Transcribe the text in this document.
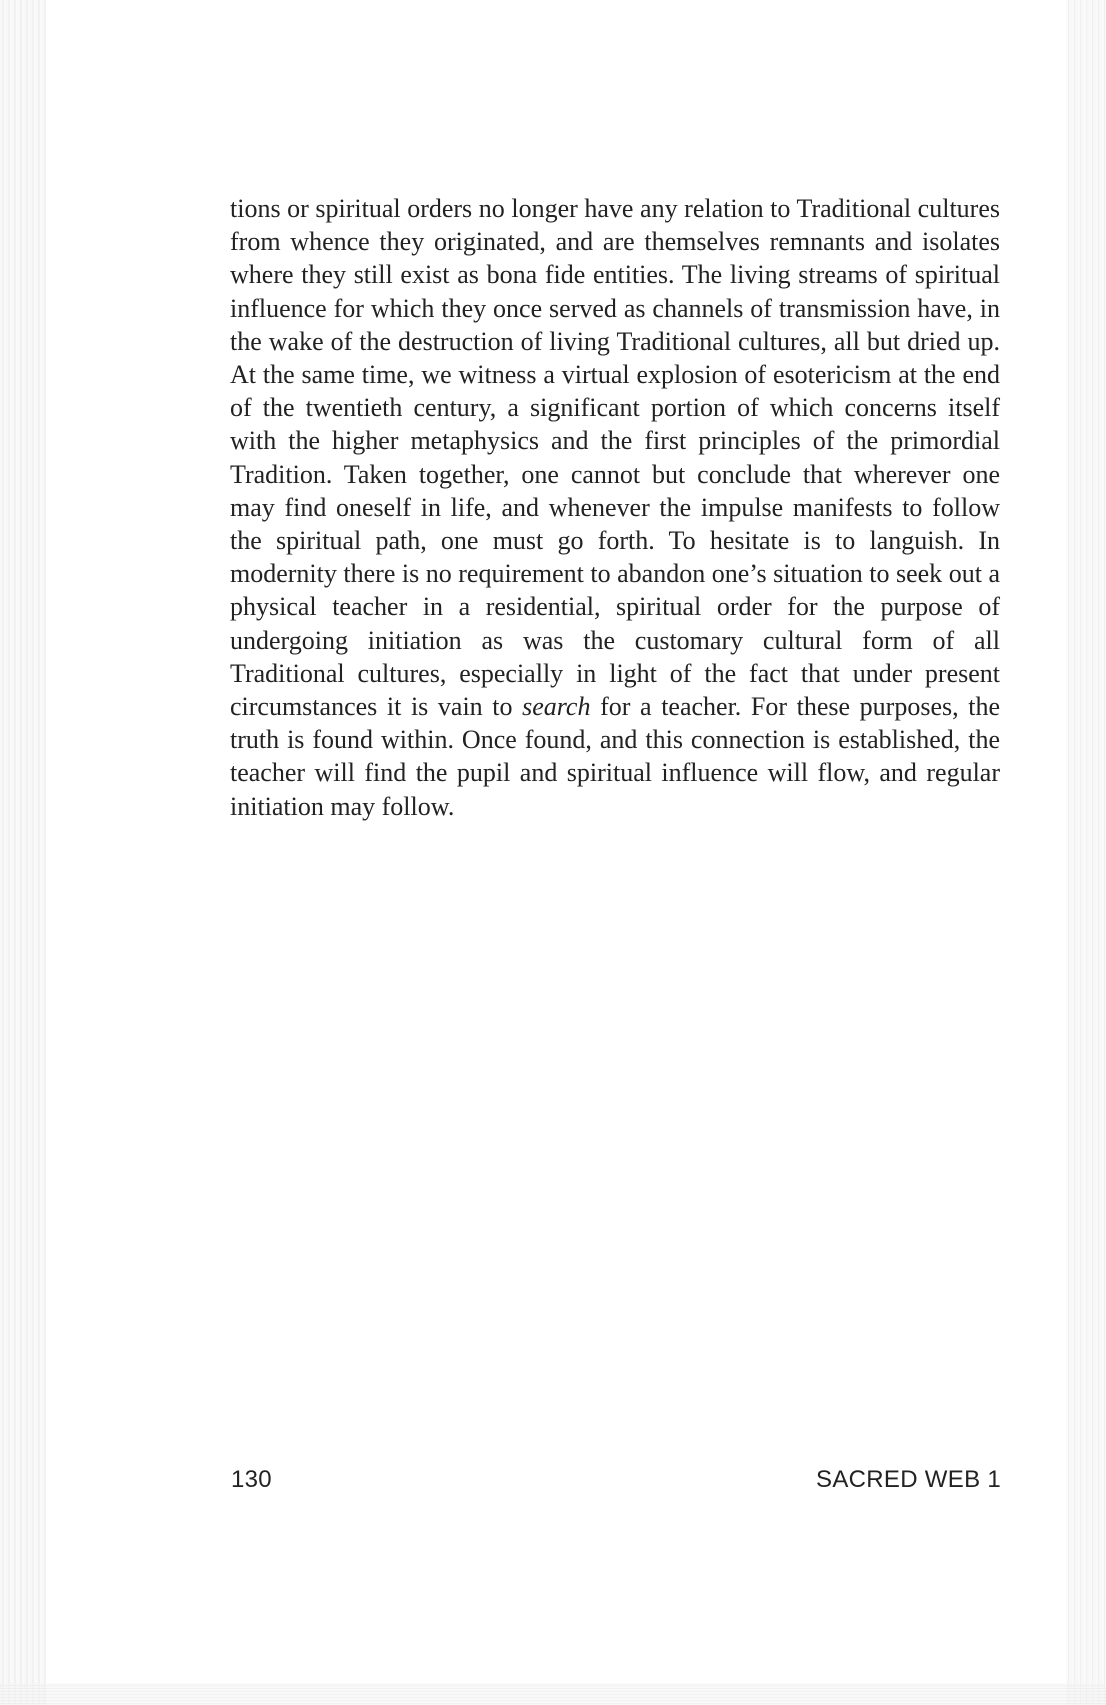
tions or spiritual orders no longer have any relation to Traditional cultures from whence they originated, and are themselves remnants and isolates where they still exist as bona fide entities. The living streams of spiritual influence for which they once served as channels of transmission have, in the wake of the destruction of living Traditional cultures, all but dried up. At the same time, we witness a virtual explosion of esotericism at the end of the twentieth century, a significant portion of which concerns itself with the higher metaphysics and the first principles of the primordial Tradition. Taken together, one cannot but conclude that wherever one may find oneself in life, and whenever the impulse manifests to follow the spiritual path, one must go forth. To hesitate is to languish. In modernity there is no requirement to abandon one’s situation to seek out a physical teacher in a residential, spiritual order for the purpose of undergoing initiation as was the customary cultural form of all Traditional cultures, especially in light of the fact that under present circumstances it is vain to search for a teacher. For these purposes, the truth is found within. Once found, and this connection is established, the teacher will find the pupil and spiritual influence will flow, and regular initiation may follow.

130	SACRED WEB 1
